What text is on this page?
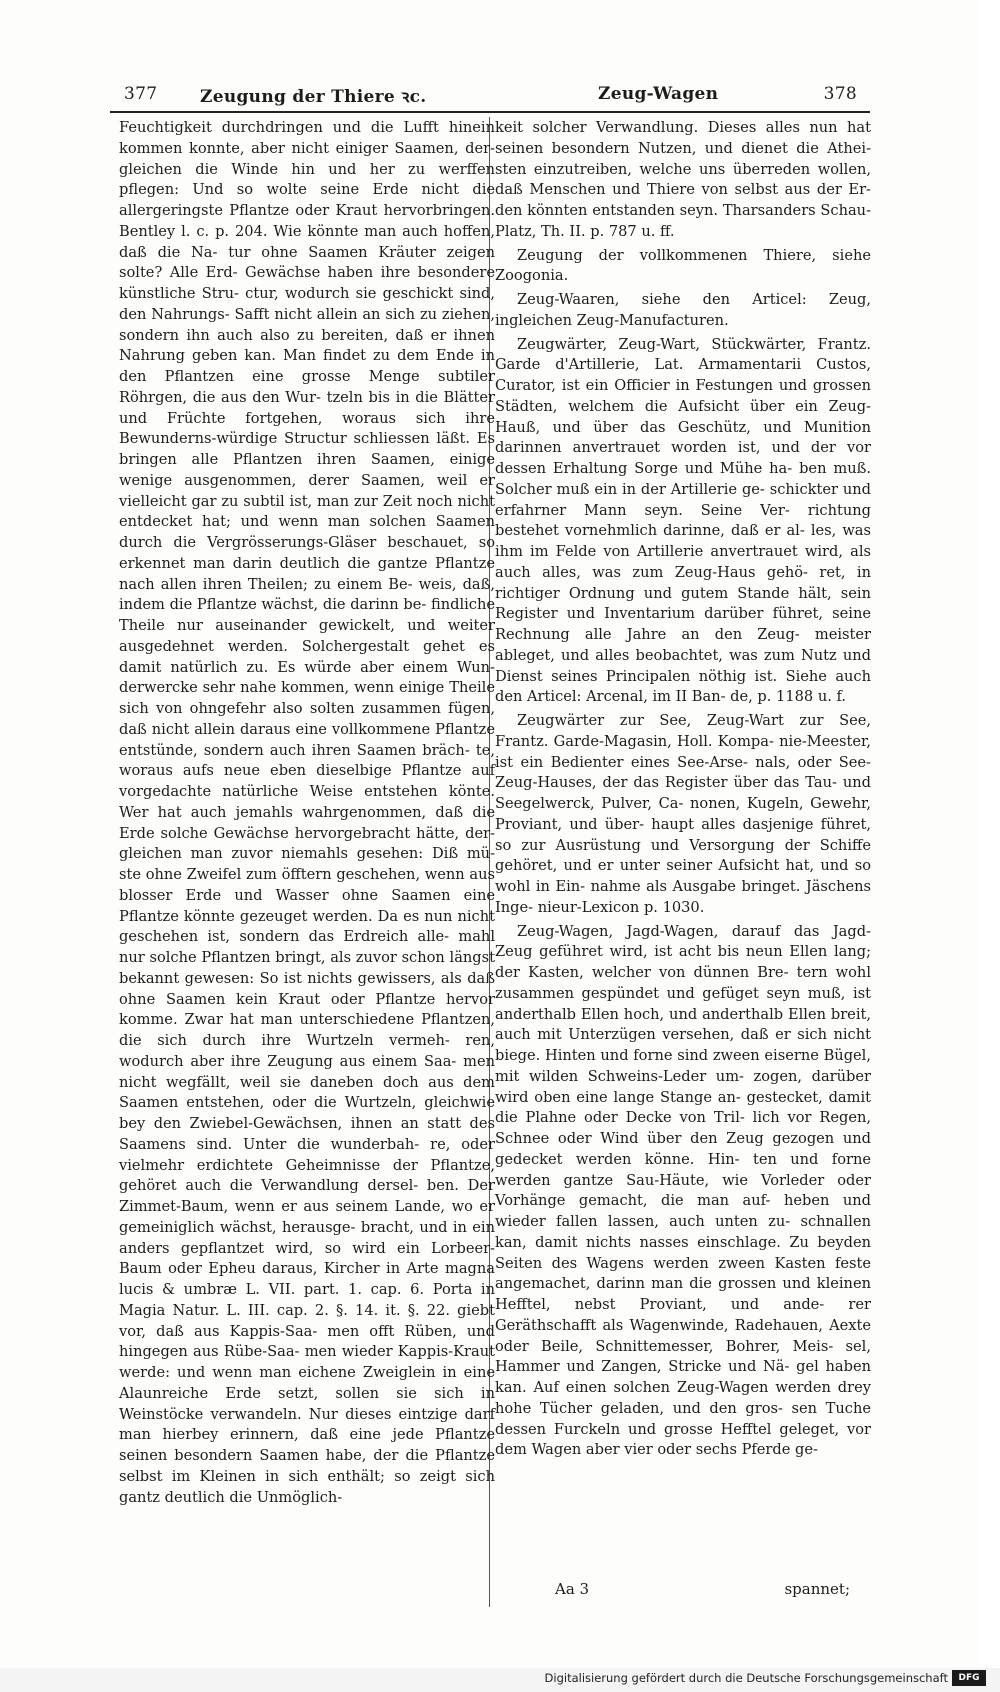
377	Zeugung der Thiere ꝛc.	Zeug-Wagen	378

Feuchtigkeit durchdringen und die Lufft hinein kommen konnte, aber nicht einiger Saamen, der- gleichen die Winde hin und her zu werffen pflegen: Und so wolte seine Erde nicht die allergeringste Pflantze oder Kraut hervorbringen. Bentley l. c. p. 204. Wie könnte man auch hoffen, daß die Na- tur ohne Saamen Kräuter zeigen solte? Alle Erd- Gewächse haben ihre besondere künstliche Stru- ctur, wodurch sie geschickt sind, den Nahrungs- Safft nicht allein an sich zu ziehen, sondern ihn auch also zu bereiten, daß er ihnen Nahrung geben kan. Man findet zu dem Ende in den Pflantzen eine grosse Menge subtiler Röhrgen, die aus den Wur- tzeln bis in die Blätter und Früchte fortgehen, woraus sich ihre Bewunderns-würdige Structur schliessen läßt. Es bringen alle Pflantzen ihren Saamen, einige wenige ausgenommen, derer Saamen, weil er vielleicht gar zu subtil ist, man zur Zeit noch nicht entdecket hat; und wenn man solchen Saamen durch die Vergrösserungs-Gläser beschauet, so erkennet man darin deutlich die gantze Pflantze nach allen ihren Theilen; zu einem Be- weis, daß, indem die Pflantze wächst, die darinn be- findliche Theile nur auseinander gewickelt, und weiter ausgedehnet werden. Solchergestalt gehet es damit natürlich zu. Es würde aber einem Wun- derwercke sehr nahe kommen, wenn einige Theile sich von ohngefehr also solten zusammen fügen, daß nicht allein daraus eine vollkommene Pflantze entstünde, sondern auch ihren Saamen bräch- te, woraus aufs neue eben dieselbige Pflantze auf vorgedachte natürliche Weise entstehen könte. Wer hat auch jemahls wahrgenommen, daß die Erde solche Gewächse hervorgebracht hätte, der- gleichen man zuvor niemahls gesehen: Diß mü- ste ohne Zweifel zum öfftern geschehen, wenn aus blosser Erde und Wasser ohne Saamen eine Pflantze könnte gezeuget werden. Da es nun nicht geschehen ist, sondern das Erdreich alle- mahl nur solche Pflantzen bringt, als zuvor schon längst bekannt gewesen: So ist nichts gewissers, als daß ohne Saamen kein Kraut oder Pflantze hervor komme. Zwar hat man unterschiedene Pflantzen, die sich durch ihre Wurtzeln vermeh- ren, wodurch aber ihre Zeugung aus einem Saa- men nicht wegfällt, weil sie daneben doch aus dem Saamen entstehen, oder die Wurtzeln, gleichwie bey den Zwiebel-Gewächsen, ihnen an statt des Saamens sind. Unter die wunderbah- re, oder vielmehr erdichtete Geheimnisse der Pflantze, gehöret auch die Verwandlung dersel- ben. Der Zimmet-Baum, wenn er aus seinem Lande, wo er gemeiniglich wächst, herausge- bracht, und in ein anders gepflantzet wird, so wird ein Lorbeer-Baum oder Epheu daraus, Kircher in Arte magna lucis & umbræ L. VII. part. 1. cap. 6. Porta in Magia Natur. L. III. cap. 2. §. 14. it. §. 22. giebt vor, daß aus Kappis-Saa- men offt Rüben, und hingegen aus Rübe-Saa- men wieder Kappis-Kraut werde: und wenn man eichene Zweiglein in eine Alaunreiche Erde setzt, sollen sie sich in Weinstöcke verwandeln. Nur dieses eintzige darf man hierbey erinnern, daß eine jede Pflantze seinen besondern Saamen habe, der die Pflantze selbst im Kleinen in sich enthält; so zeigt sich gantz deutlich die Unmöglich-

keit solcher Verwandlung. Dieses alles nun hat seinen besondern Nutzen, und dienet die Athei- sten einzutreiben, welche uns überreden wollen, daß Menschen und Thiere von selbst aus der Er- den könnten entstanden seyn. Tharsanders Schau-Platz, Th. II. p. 787 u. ff.

Zeugung der vollkommenen Thiere, siehe Zoogonia.

Zeug-Waaren, siehe den Articel: Zeug, ingleichen Zeug-Manufacturen.

Zeugwärter, Zeug-Wart, Stückwärter, Frantz. Garde d'Artillerie, Lat. Armamentarii Custos, Curator, ist ein Officier in Festungen und grossen Städten, welchem die Aufsicht über ein Zeug-Hauß, und über das Geschütz, und Munition darinnen anvertrauet worden ist, und der vor dessen Erhaltung Sorge und Mühe ha- ben muß. Solcher muß ein in der Artillerie ge- schickter und erfahrner Mann seyn. Seine Ver- richtung bestehet vornehmlich darinne, daß er al- les, was ihm im Felde von Artillerie anvertrauet wird, als auch alles, was zum Zeug-Haus gehö- ret, in richtiger Ordnung und gutem Stande hält, sein Register und Inventarium darüber führet, seine Rechnung alle Jahre an den Zeug- meister ableget, und alles beobachtet, was zum Nutz und Dienst seines Principalen nöthig ist. Siehe auch den Articel: Arcenal, im II Ban- de, p. 1188 u. f.

Zeugwärter zur See, Zeug-Wart zur See, Frantz. Garde-Magasin, Holl. Kompa- nie-Meester, ist ein Bedienter eines See-Arse- nals, oder See-Zeug-Hauses, der das Register über das Tau- und Seegelwerck, Pulver, Ca- nonen, Kugeln, Gewehr, Proviant, und über- haupt alles dasjenige führet, so zur Ausrüstung und Versorgung der Schiffe gehöret, und er unter seiner Aufsicht hat, und so wohl in Ein- nahme als Ausgabe bringet. Jäschens Inge- nieur-Lexicon p. 1030.

Zeug-Wagen, Jagd-Wagen, darauf das Jagd-Zeug geführet wird, ist acht bis neun Ellen lang; der Kasten, welcher von dünnen Bre- tern wohl zusammen gespündet und gefüget seyn muß, ist anderthalb Ellen hoch, und anderthalb Ellen breit, auch mit Unterzügen versehen, daß er sich nicht biege. Hinten und forne sind zween eiserne Bügel, mit wilden Schweins-Leder um- zogen, darüber wird oben eine lange Stange an- gestecket, damit die Plahne oder Decke von Tril- lich vor Regen, Schnee oder Wind über den Zeug gezogen und gedecket werden könne. Hin- ten und forne werden gantze Sau-Häute, wie Vorleder oder Vorhänge gemacht, die man auf- heben und wieder fallen lassen, auch unten zu- schnallen kan, damit nichts nasses einschlage. Zu beyden Seiten des Wagens werden zween Kasten feste angemachet, darinn man die grossen und kleinen Hefftel, nebst Proviant, und ande- rer Geräthschafft als Wagenwinde, Radehauen, Aexte oder Beile, Schnittemesser, Bohrer, Meis- sel, Hammer und Zangen, Stricke und Nä- gel haben kan. Auf einen solchen Zeug-Wagen werden drey hohe Tücher geladen, und den gros- sen Tuche dessen Furckeln und grosse Hefftel geleget, vor dem Wagen aber vier oder sechs Pferde ge-

Aa 3	spannet;
Digitalisierung gefördert durch die Deutsche Forschungsgemeinschaft	DFG
